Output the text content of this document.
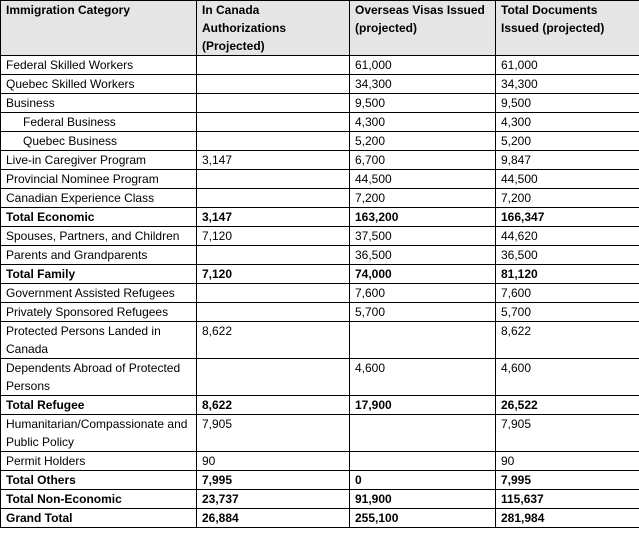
Immigration Category	In Canada Authorizations (Projected)	Overseas Visas Issued (projected)	Total Documents Issued (projected)
Federal Skilled Workers		61,000	61,000
Quebec Skilled Workers		34,300	34,300
Business		9,500	9,500
Federal Business		4,300	4,300
Quebec Business		5,200	5,200
Live-in Caregiver Program	3,147	6,700	9,847
Provincial Nominee Program		44,500	44,500
Canadian Experience Class		7,200	7,200
Total Economic	3,147	163,200	166,347
Spouses, Partners, and Children	7,120	37,500	44,620
Parents and Grandparents		36,500	36,500
Total Family	7,120	74,000	81,120
Government Assisted Refugees		7,600	7,600
Privately Sponsored Refugees		5,700	5,700
Protected Persons Landed in Canada	8,622		8,622
Dependents Abroad of Protected Persons		4,600	4,600
Total Refugee	8,622	17,900	26,522
Humanitarian/Compassionate and Public Policy	7,905		7,905
Permit Holders	90		90
Total Others	7,995	0	7,995
Total Non-Economic	23,737	91,900	115,637
Grand Total	26,884	255,100	281,984
